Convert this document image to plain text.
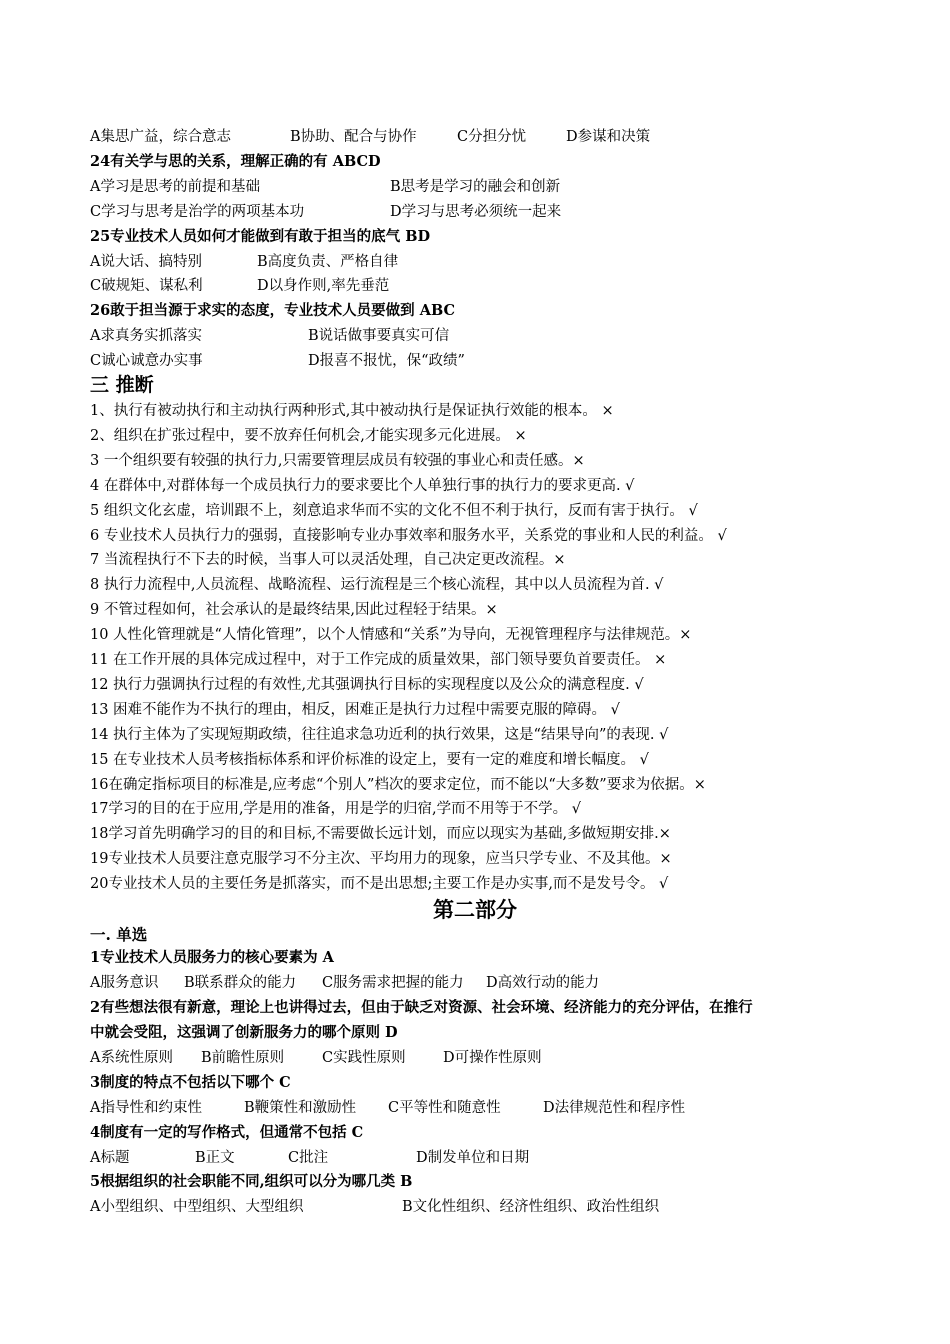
A集思广益，综合意志	B协助、配合与协作	C分担分忧	D参谋和决策
24有关学与思的关系，理解正确的有 ABCD
A学习是思考的前提和基础	B思考是学习的融会和创新
C学习与思考是治学的两项基本功	D学习与思考必须统一起来
25专业技术人员如何才能做到有敢于担当的底气 BD
A说大话、搞特别	B高度负责、严格自律
C破规矩、谋私利	D以身作则,率先垂范
26敢于担当源于求实的态度，专业技术人员要做到 ABC
A求真务实抓落实	B说话做事要真实可信
C诚心诚意办实事	D报喜不报忧，保“政绩”
三 推断
1、执行有被动执行和主动执行两种形式,其中被动执行是保证执行效能的根本。 ×
2、组织在扩张过程中，要不放弃任何机会,才能实现多元化进展。 ×
3 一个组织要有较强的执行力,只需要管理层成员有较强的事业心和责任感。×
4 在群体中,对群体每一个成员执行力的要求要比个人单独行事的执行力的要求更高. √
5 组织文化玄虚，培训跟不上，刻意追求华而不实的文化不但不利于执行，反而有害于执行。 √
6 专业技术人员执行力的强弱，直接影响专业办事效率和服务水平，关系党的事业和人民的利益。 √
7 当流程执行不下去的时候，当事人可以灵活处理，自己决定更改流程。×
8 执行力流程中,人员流程、战略流程、运行流程是三个核心流程，其中以人员流程为首. √
9 不管过程如何，社会承认的是最终结果,因此过程轻于结果。×
10 人性化管理就是“人情化管理”，以个人情感和“关系”为导向，无视管理程序与法律规范。×
11 在工作开展的具体完成过程中，对于工作完成的质量效果，部门领导要负首要责任。 ×
12 执行力强调执行过程的有效性,尤其强调执行目标的实现程度以及公众的满意程度. √
13 困难不能作为不执行的理由，相反，困难正是执行力过程中需要克服的障碍。 √
14 执行主体为了实现短期政绩，往往追求急功近利的执行效果，这是“结果导向”的表现. √
15 在专业技术人员考核指标体系和评价标准的设定上，要有一定的难度和增长幅度。 √
16在确定指标项目的标准是,应考虑“个别人”档次的要求定位，而不能以“大多数”要求为依据。×
17学习的目的在于应用,学是用的准备，用是学的归宿,学而不用等于不学。 √
18学习首先明确学习的目的和目标,不需要做长远计划，而应以现实为基础,多做短期安排.×
19专业技术人员要注意克服学习不分主次、平均用力的现象，应当只学专业、不及其他。×
20专业技术人员的主要任务是抓落实，而不是出思想;主要工作是办实事,而不是发号令。 √
第二部分
一. 单选
1专业技术人员服务力的核心要素为 A
A服务意识 B联系群众的能力 C服务需求把握的能力 D高效行动的能力
2有些想法很有新意，理论上也讲得过去，但由于缺乏对资源、社会环境、经济能力的充分评估，在推行
中就会受阻，这强调了创新服务力的哪个原则 D
A系统性原则 B前瞻性原则	C实践性原则	D可操作性原则
3制度的特点不包括以下哪个 C
A指导性和约束性	B鞭策性和激励性 C平等性和随意性	D法律规范性和程序性
4制度有一定的写作格式，但通常不包括 C
A标题	B正文	C批注	D制发单位和日期
5根据组织的社会职能不同,组织可以分为哪几类 B
A小型组织、中型组织、大型组织	B文化性组织、经济性组织、政治性组织
